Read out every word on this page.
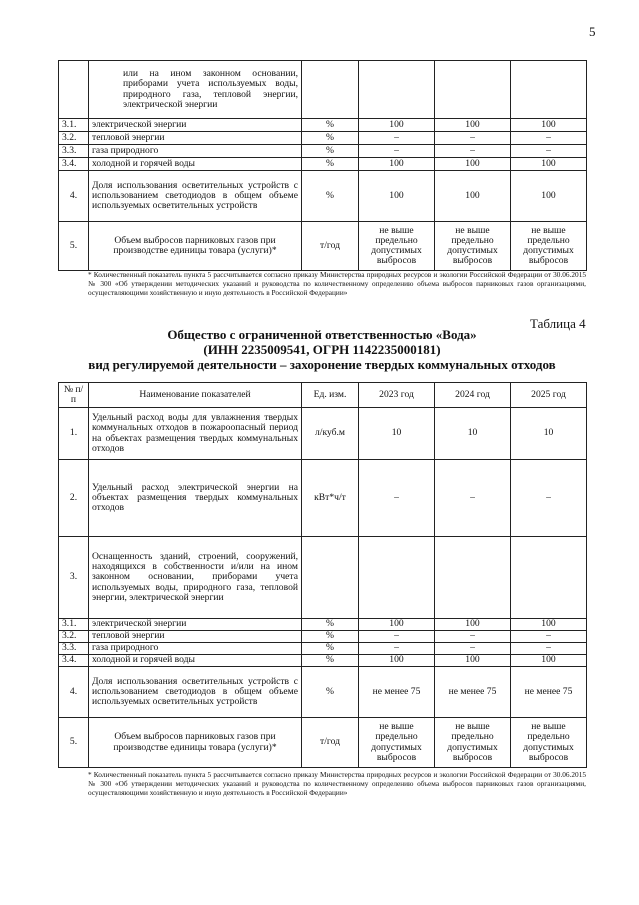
5
	или на ином законном основании, приборами учета используемых воды, природного газа, тепловой энергии, электрической энергии				
3.1.	электрической энергии	%	100	100	100
3.2.	тепловой энергии	%	–	–	–
3.3.	газа природного	%	–	–	–
3.4.	холодной и горячей воды	%	100	100	100
4.	Доля использования осветительных устройств с использованием светодиодов в общем объеме используемых осветительных устройств	%	100	100	100
5.	Объем выбросов парниковых газов при производстве единицы товара (услуги)*	т/год	не выше предельно допустимых выбросов	не выше предельно допустимых выбросов	не выше предельно допустимых выбросов
* Количественный показатель пункта 5 рассчитывается согласно приказу Министерства природных ресурсов и экологии Российской Федерации от 30.06.2015 № 300 «Об утверждении методических указаний и руководства по количественному определению объема выбросов парниковых газов организациями, осуществляющими хозяйственную и иную деятельность в Российской Федерации»
Таблица 4
Общество с ограниченной ответственностью «Вода»
(ИНН 2235009541, ОГРН 1142235000181)
вид регулируемой деятельности – захоронение твердых коммунальных отходов
№ п/п	Наименование показателей	Ед. изм.	2023 год	2024 год	2025 год
1.	Удельный расход воды для увлажнения твердых коммунальных отходов в пожароопасный период на объектах размещения твердых коммунальных отходов	л/куб.м	10	10	10
2.	Удельный расход электрической энергии на объектах размещения твердых коммунальных отходов	кВт*ч/т	–	–	–
3.	Оснащенность зданий, строений, сооружений, находящихся в собственности и/или на ином законном основании, приборами учета используемых воды, природного газа, тепловой энергии, электрической энергии				
3.1.	электрической энергии	%	100	100	100
3.2.	тепловой энергии	%	–	–	–
3.3.	газа природного	%	–	–	–
3.4.	холодной и горячей воды	%	100	100	100
4.	Доля использования осветительных устройств с использованием светодиодов в общем объеме используемых осветительных устройств	%	не менее 75	не менее 75	не менее 75
5.	Объем выбросов парниковых газов при производстве единицы товара (услуги)*	т/год	не выше предельно допустимых выбросов	не выше предельно допустимых выбросов	не выше предельно допустимых выбросов
* Количественный показатель пункта 5 рассчитывается согласно приказу Министерства природных ресурсов и экологии Российской Федерации от 30.06.2015 № 300 «Об утверждении методических указаний и руководства по количественному определению объема выбросов парниковых газов организациями, осуществляющими хозяйственную и иную деятельность в Российской Федерации»
